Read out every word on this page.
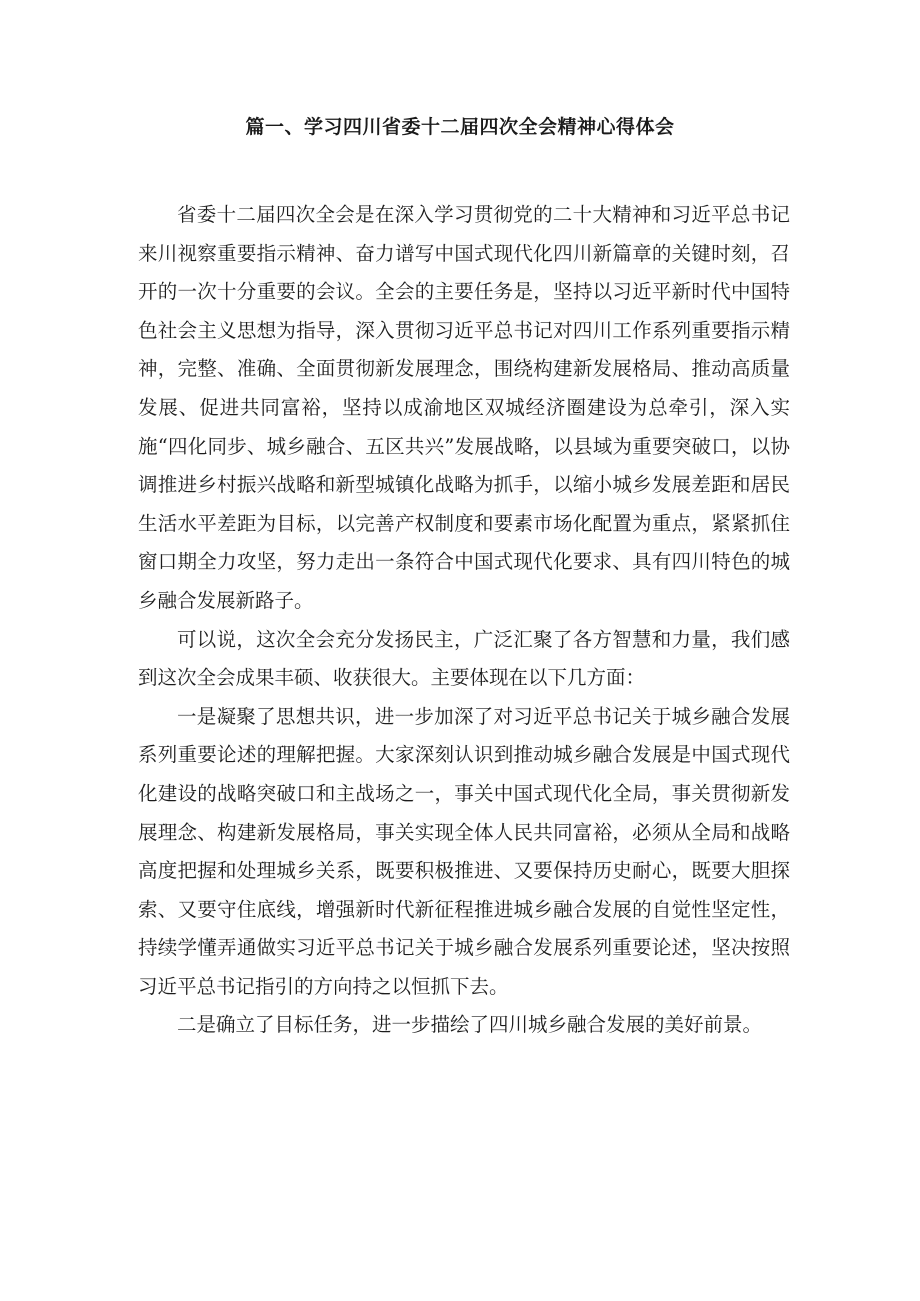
篇一、学习四川省委十二届四次全会精神心得体会

省委十二届四次全会是在深入学习贯彻党的二十大精神和习近平总书记来川视察重要指示精神、奋力谱写中国式现代化四川新篇章的关键时刻，召开的一次十分重要的会议。全会的主要任务是，坚持以习近平新时代中国特色社会主义思想为指导，深入贯彻习近平总书记对四川工作系列重要指示精神，完整、准确、全面贯彻新发展理念，围绕构建新发展格局、推动高质量发展、促进共同富裕，坚持以成渝地区双城经济圈建设为总牵引，深入实施“四化同步、城乡融合、五区共兴”发展战略，以县域为重要突破口，以协调推进乡村振兴战略和新型城镇化战略为抓手，以缩小城乡发展差距和居民生活水平差距为目标，以完善产权制度和要素市场化配置为重点，紧紧抓住窗口期全力攻坚，努力走出一条符合中国式现代化要求、具有四川特色的城乡融合发展新路子。

可以说，这次全会充分发扬民主，广泛汇聚了各方智慧和力量，我们感到这次全会成果丰硕、收获很大。主要体现在以下几方面：

一是凝聚了思想共识，进一步加深了对习近平总书记关于城乡融合发展系列重要论述的理解把握。大家深刻认识到推动城乡融合发展是中国式现代化建设的战略突破口和主战场之一，事关中国式现代化全局，事关贯彻新发展理念、构建新发展格局，事关实现全体人民共同富裕，必须从全局和战略高度把握和处理城乡关系，既要积极推进、又要保持历史耐心，既要大胆探索、又要守住底线，增强新时代新征程推进城乡融合发展的自觉性坚定性，持续学懂弄通做实习近平总书记关于城乡融合发展系列重要论述，坚决按照习近平总书记指引的方向持之以恒抓下去。

二是确立了目标任务，进一步描绘了四川城乡融合发展的美好前景。
